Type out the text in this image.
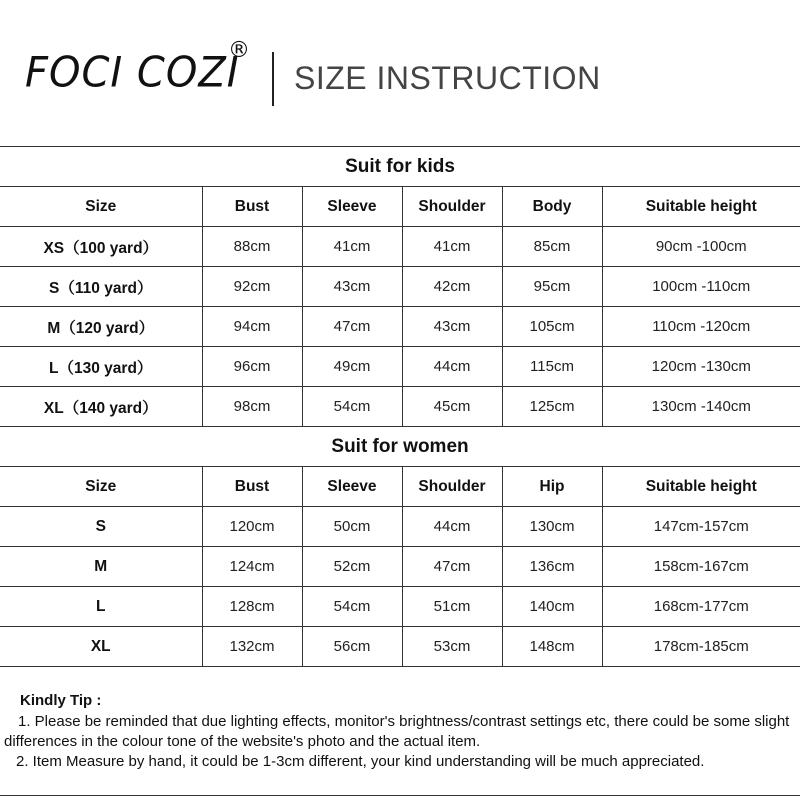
FOCI COZI
®
SIZE INSTRUCTION
Suit for kids					
Size	Bust	Sleeve	Shoulder	Body	Suitable height
XS（100 yard）	88cm	41cm	41cm	85cm	90cm -100cm
S（110 yard）	92cm	43cm	42cm	95cm	100cm -110cm
M（120 yard）	94cm	47cm	43cm	105cm	110cm -120cm
L（130 yard）	96cm	49cm	44cm	115cm	120cm -130cm
XL（140 yard）	98cm	54cm	45cm	125cm	130cm -140cm
Suit for women					
Size	Bust	Sleeve	Shoulder	Hip	Suitable height
S	120cm	50cm	44cm	130cm	147cm-157cm
M	124cm	52cm	47cm	136cm	158cm-167cm
L	128cm	54cm	51cm	140cm	168cm-177cm
XL	132cm	56cm	53cm	148cm	178cm-185cm
Kindly Tip :
1. Please be reminded that due lighting effects, monitor's brightness/contrast settings etc, there could be some slight differences in the colour tone of the website's photo and the actual item.
2. Item Measure by hand, it could be 1-3cm different, your kind understanding will be much appreciated.
